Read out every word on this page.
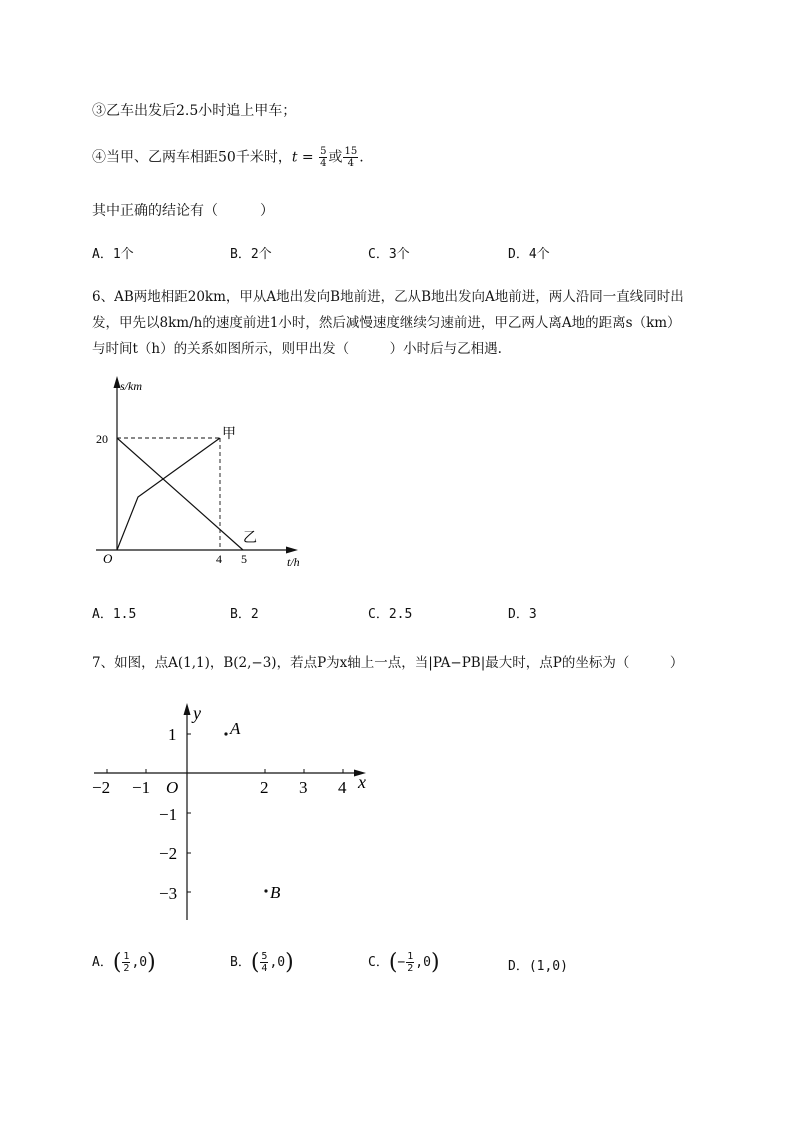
③乙车出发后2.5小时追上甲车；
④当甲、乙两车相距50千米时，$t = \frac{5}{4}$ 或 $\frac{15}{4}$ .
其中正确的结论有（　　　）
A．1个	B．2个	C．3个	D．4个
6、AB两地相距20km，甲从A地出发向B地前进，乙从B地出发向A地前进，两人沿同一直线同时出
发，甲先以8km/h的速度前进1小时，然后减慢速度继续匀速前进，甲乙两人离A地的距离s（km）
与时间t（h）的关系如图所示，则甲出发（　　　）小时后与乙相遇.
s/km
20
O	4 5	t/h
甲
乙
A．1.5	B．2	C．2.5	D．3
7、如图，点A(1,1)，B(2,−3)，若点P为x轴上一点，当|PA−PB|最大时，点P的坐标为（　　　）
−2 −1 O	2 3 4 x
y
1
−1
−2
−3
A
B
A．( $\frac{1}{2} ,0$)	B．( $\frac{5}{4} ,0$)	C．(− $\frac{1}{2} ,0$)	D．(1,0)
